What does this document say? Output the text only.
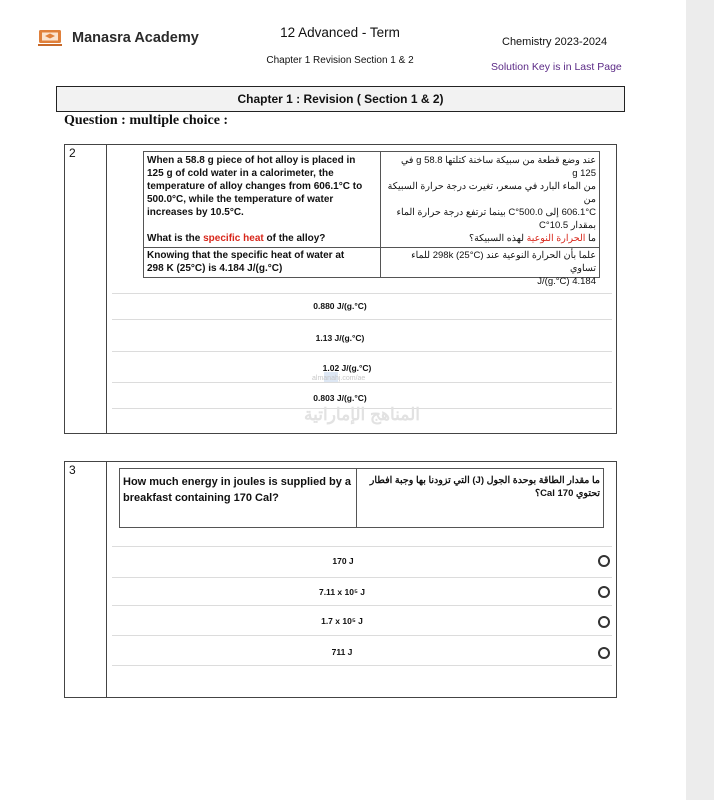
Manasra Academy	12 Advanced - Term
Chapter 1 Revision Section 1 & 2
Chemistry 2023-2024
Solution Key is in Last Page
Chapter 1 : Revision ( Section 1 & 2)
Question : multiple choice :
2
When a 58.8 g piece of hot alloy is placed in
125 g of cold water in a calorimeter, the
temperature of alloy changes from 606.1°C to
500.0°C, while the temperature of water
increases by 10.5°C.
What is the specific heat of the alloy?
Knowing that the specific heat of water at
298 K (25°C) is 4.184 J/(g.°C)
عند وضع قطعة من سبيكة ساخنة كتلتها 58.8 g في 125 g
من الماء البارد في مسعر، تغيرت درجة حرارة السبيكة من
606.1°C إلى 500.0°C بينما ترتفع درجة حرارة الماء
بمقدار 10.5°C
ما الحرارة النوعية لهذه السبيكة؟
علما بأن الحرارة النوعية عند 298k (25°C) للماء تساوي
4.184 J/(g.°C)
almanahj.com/ae
المناهج الإماراتية
0.880 J/(g.°C)
1.13 J/(g.°C)
1.02 J/(g.°C)
0.803 J/(g.°C)
3
How much energy in joules is supplied by a
breakfast containing 170 Cal?
ما مقدار الطاقة بوحدة الجول (J) التي تزودنا بها وجبة افطار تحتوي 170 Cal؟
170 J
7.11 x 10⁵ J
1.7 x 10⁵ J
711 J
